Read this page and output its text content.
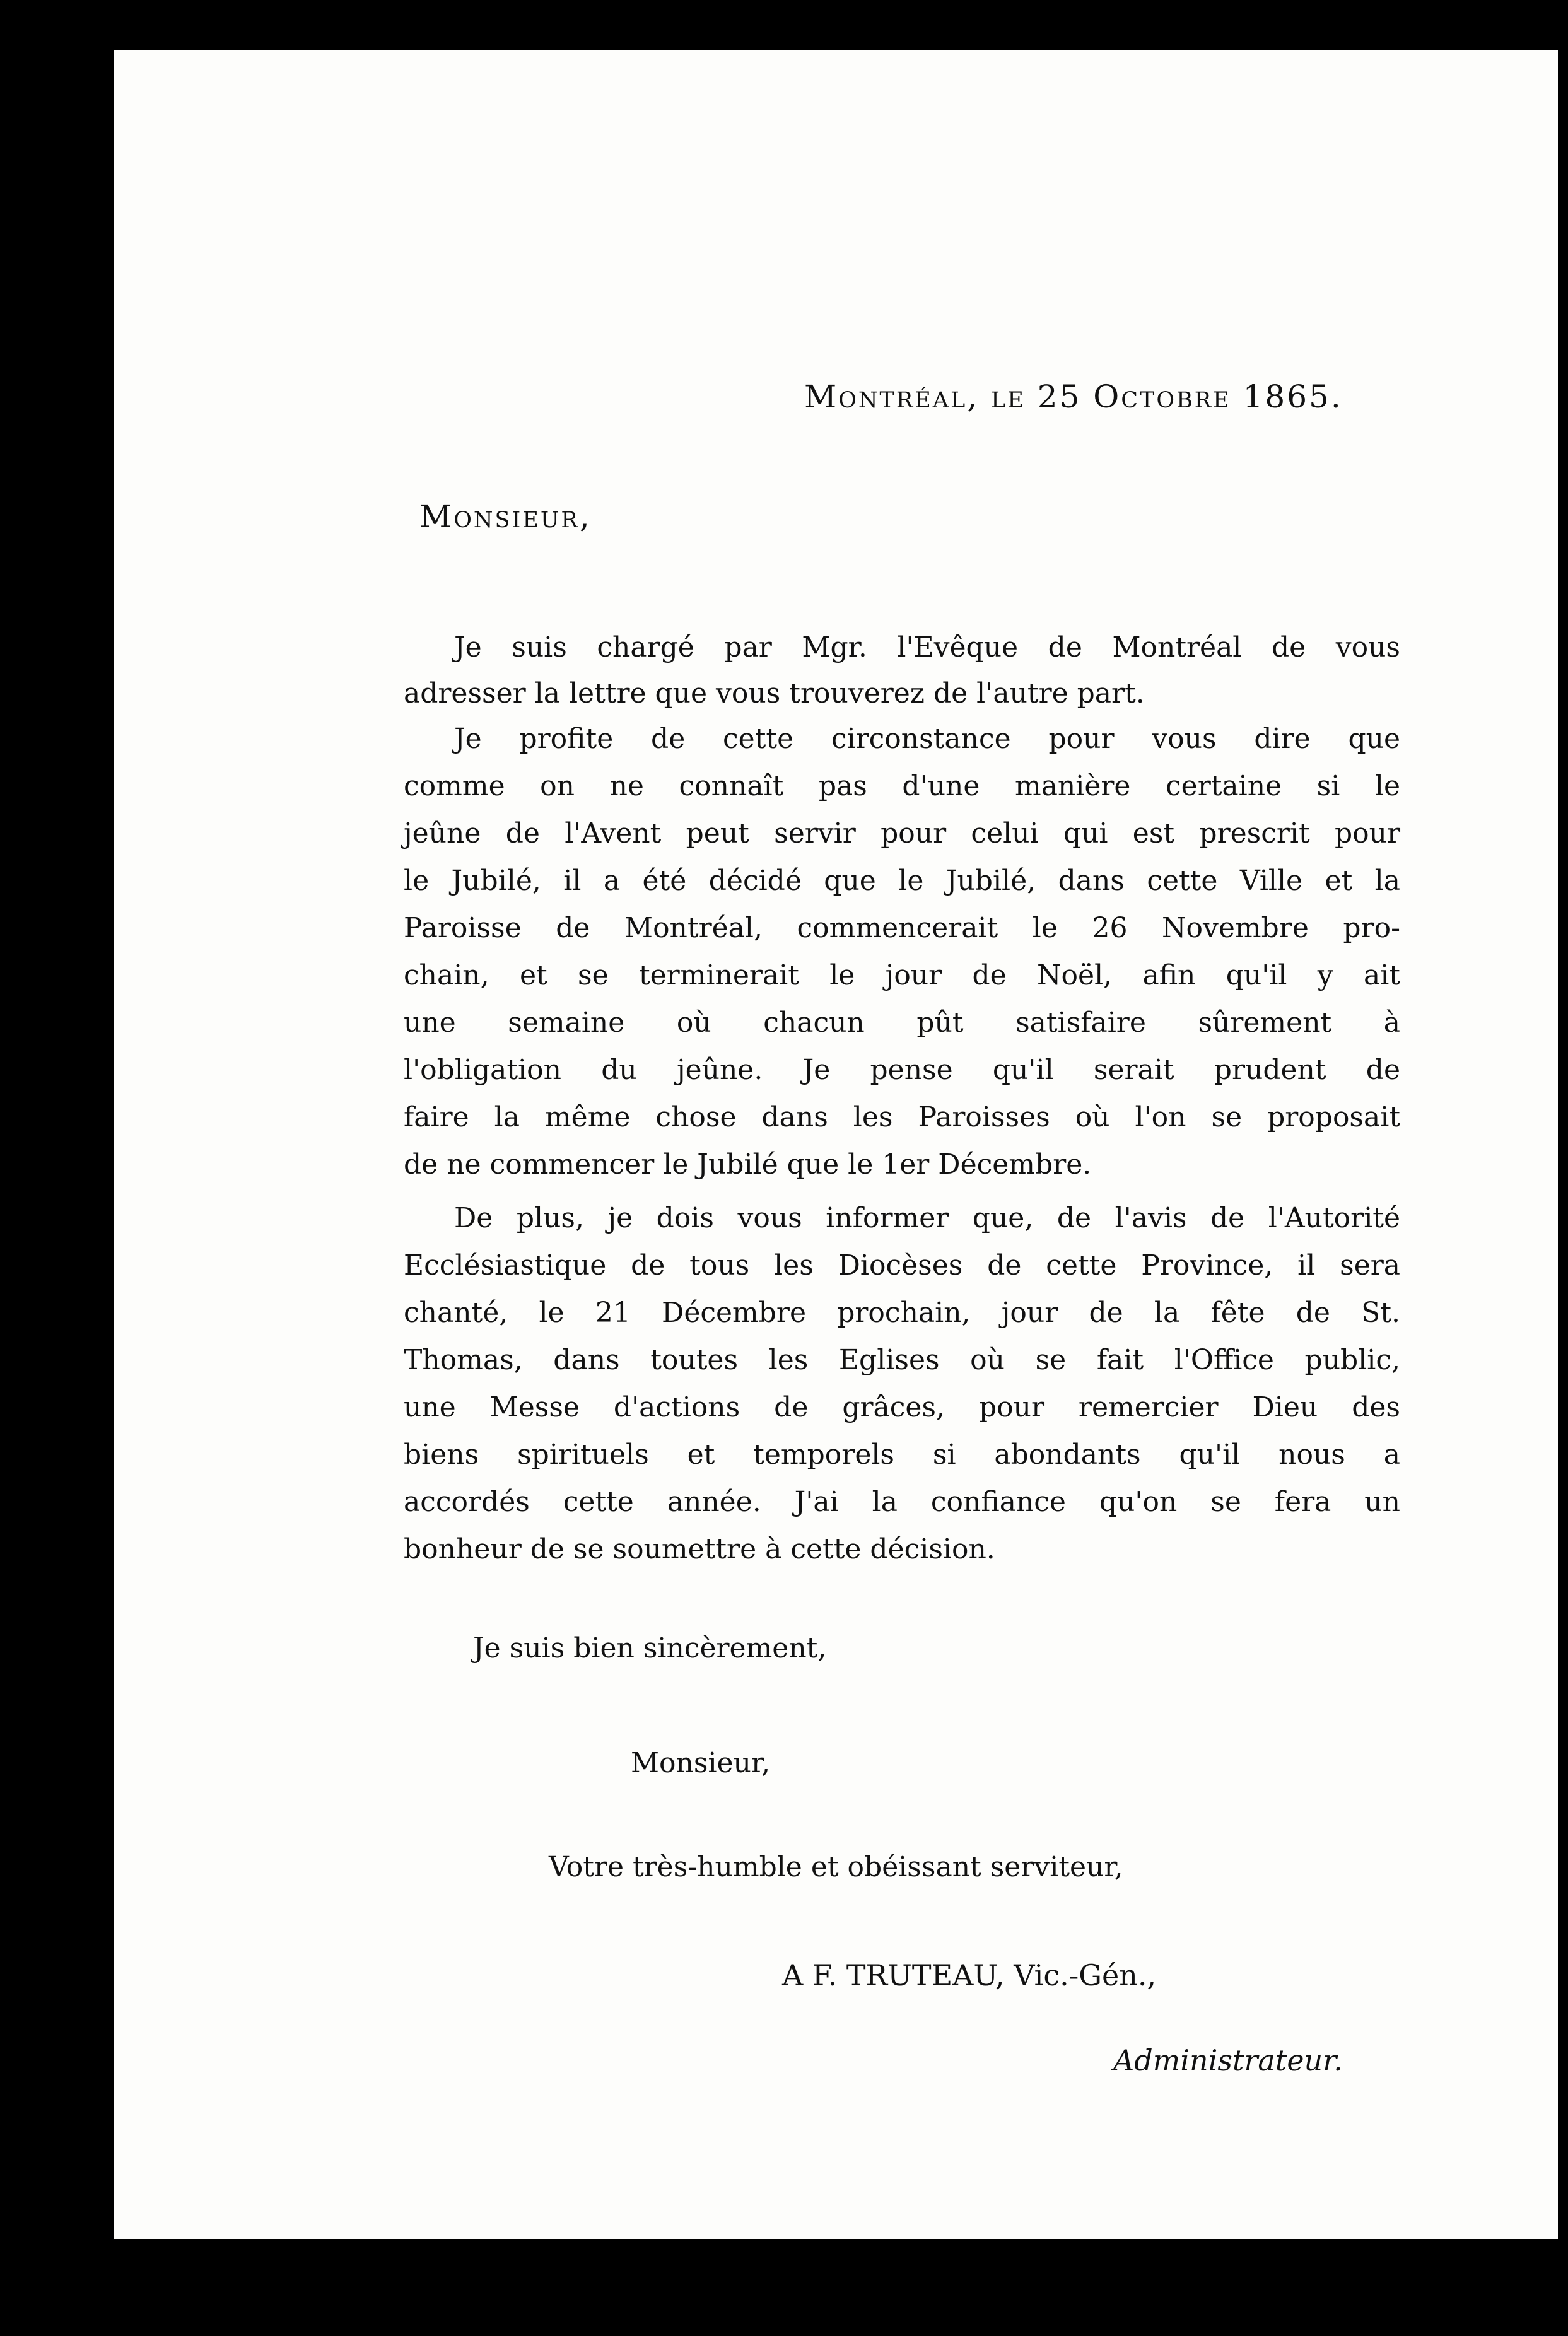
Montréal, le 25 Octobre 1865.

Monsieur,

Je suis chargé par Mgr. l'Evêque de Montréal de vous

adresser la lettre que vous trouverez de l'autre part.

Je profite de cette circonstance pour vous dire que

comme on ne connaît pas d'une manière certaine si le

jeûne de l'Avent peut servir pour celui qui est prescrit pour

le Jubilé, il a été décidé que le Jubilé, dans cette Ville et la

Paroisse de Montréal, commencerait le 26 Novembre pro-

chain, et se terminerait le jour de Noël, afin qu'il y ait

une semaine où chacun pût satisfaire sûrement à

l'obligation du jeûne. Je pense qu'il serait prudent de

faire la même chose dans les Paroisses où l'on se proposait

de ne commencer le Jubilé que le 1er Décembre.

De plus, je dois vous informer que, de l'avis de l'Autorité

Ecclésiastique de tous les Diocèses de cette Province, il sera

chanté, le 21 Décembre prochain, jour de la fête de St.

Thomas, dans toutes les Eglises où se fait l'Office public,

une Messe d'actions de grâces, pour remercier Dieu des

biens spirituels et temporels si abondants qu'il nous a

accordés cette année. J'ai la confiance qu'on se fera un

bonheur de se soumettre à cette décision.

Je suis bien sincèrement,

Monsieur,

Votre très-humble et obéissant serviteur,

A F. TRUTEAU, Vic.-Gén.,

Administrateur.
